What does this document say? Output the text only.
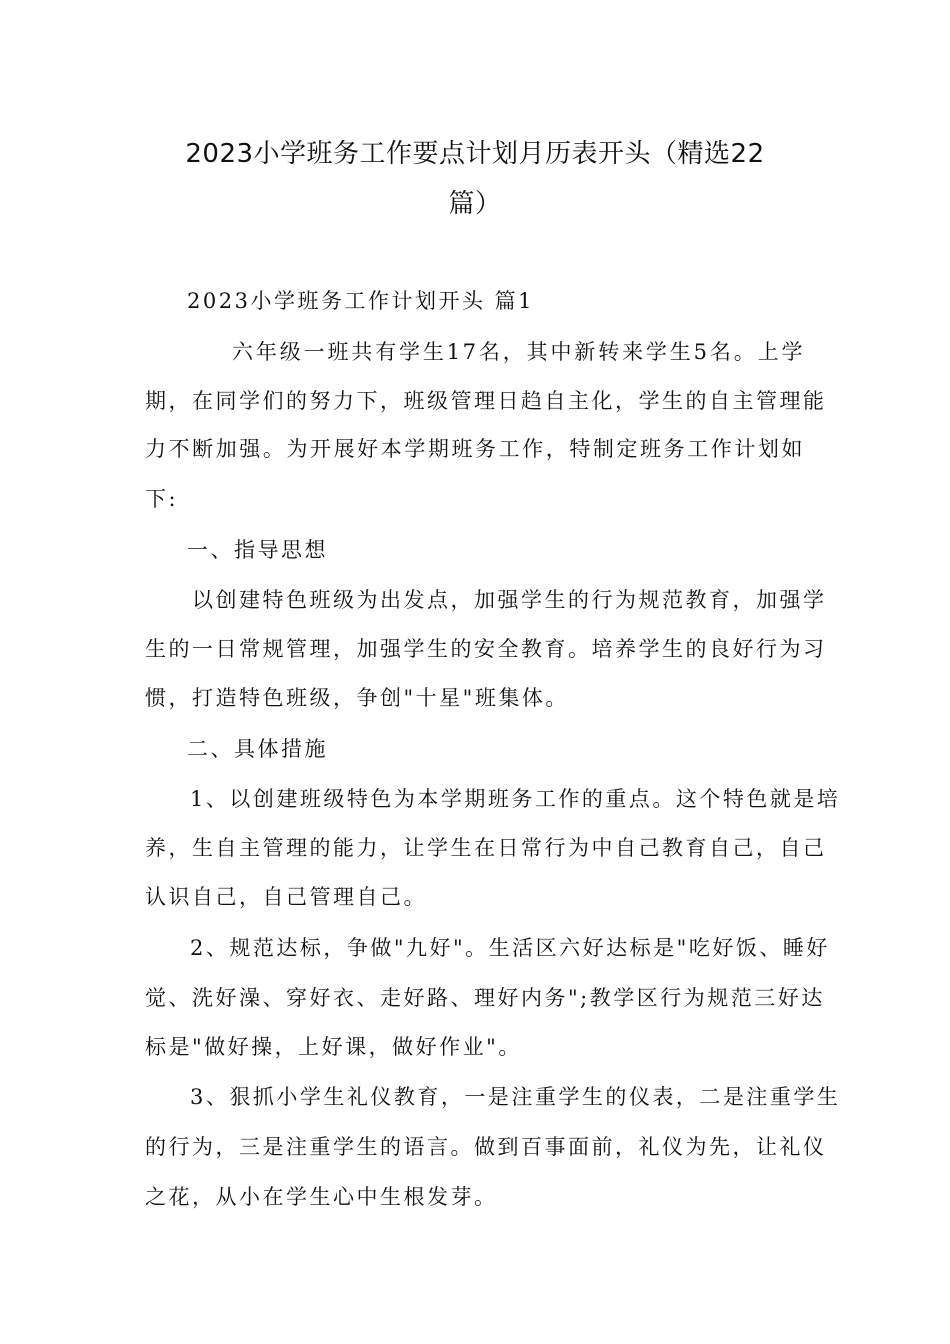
2023小学班务工作要点计划月历表开头（精选22
篇）
2023小学班务工作计划开头 篇1
六年级一班共有学生17名，其中新转来学生5名。上学
期，在同学们的努力下，班级管理日趋自主化，学生的自主管理能
力不断加强。为开展好本学期班务工作，特制定班务工作计划如
下:
一、指导思想
以创建特色班级为出发点，加强学生的行为规范教育，加强学
生的一日常规管理，加强学生的安全教育。培养学生的良好行为习
惯，打造特色班级，争创"十星"班集体。
二、具体措施
1、以创建班级特色为本学期班务工作的重点。这个特色就是培
养，生自主管理的能力，让学生在日常行为中自己教育自己，自己
认识自己，自己管理自己。
2、规范达标，争做"九好"。生活区六好达标是"吃好饭、睡好
觉、洗好澡、穿好衣、走好路、理好内务";教学区行为规范三好达
标是"做好操，上好课，做好作业"。
3、狠抓小学生礼仪教育，一是注重学生的仪表，二是注重学生
的行为，三是注重学生的语言。做到百事面前，礼仪为先，让礼仪
之花，从小在学生心中生根发芽。
